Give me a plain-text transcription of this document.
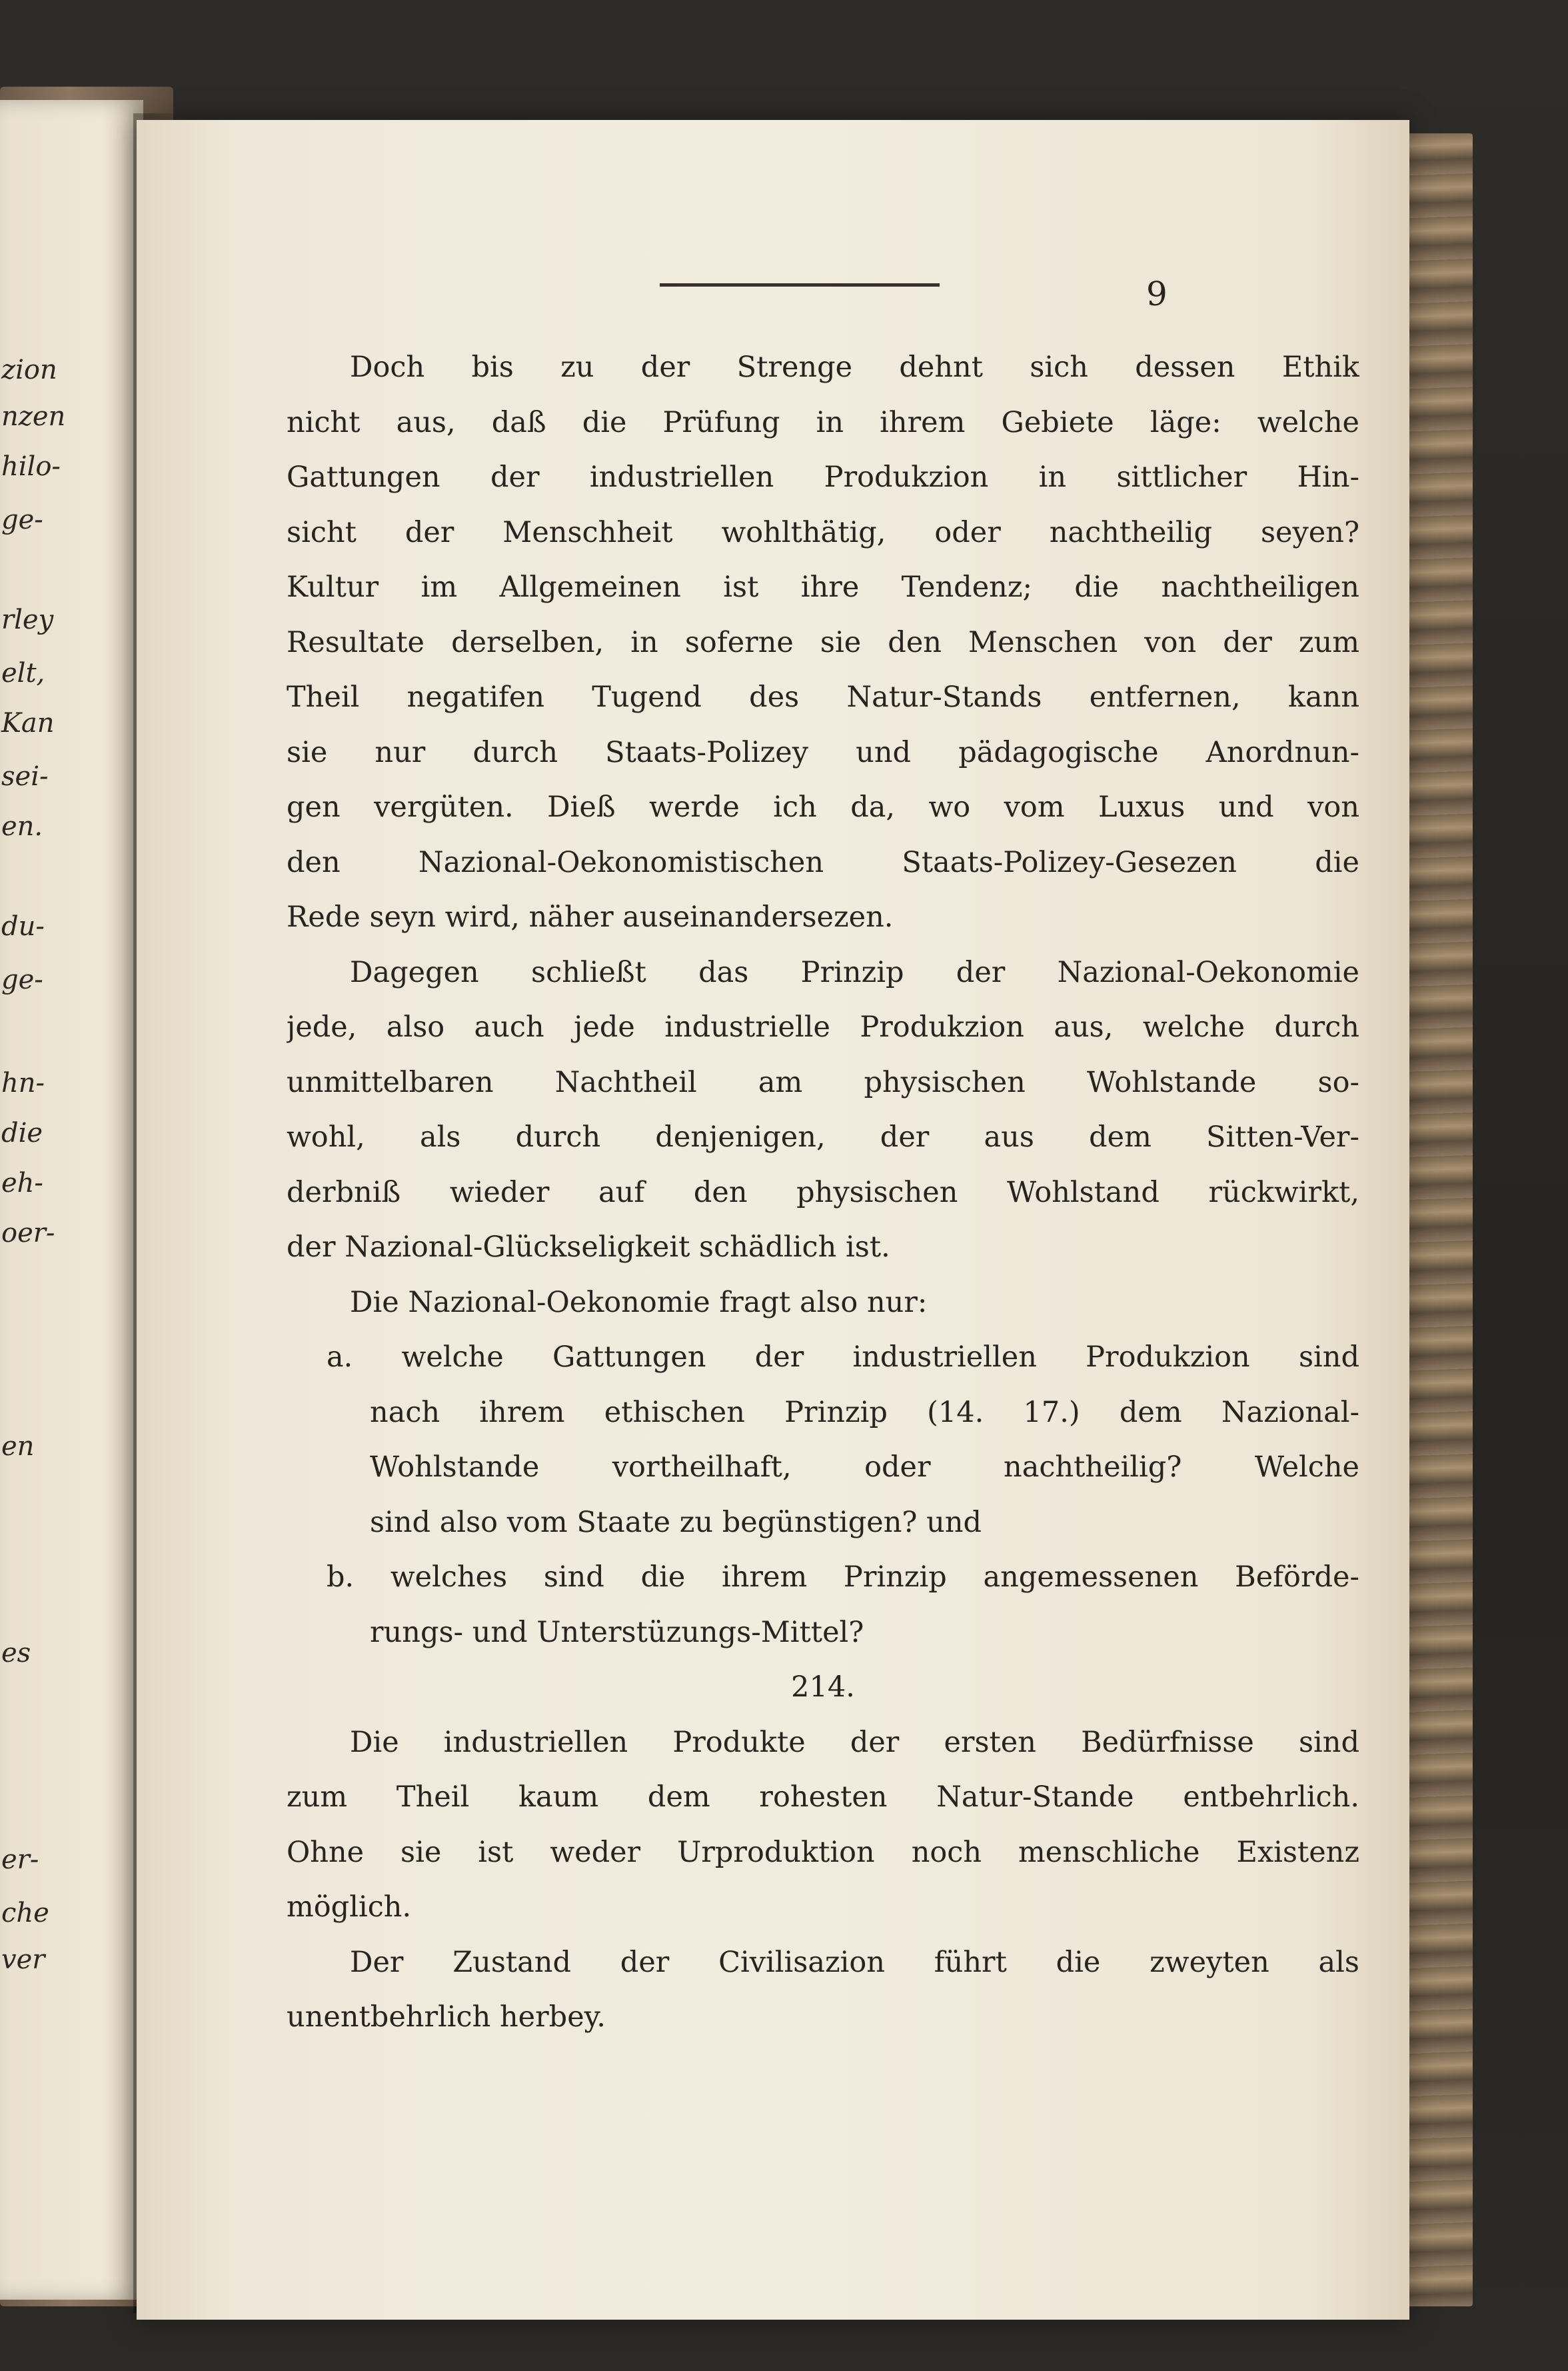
zion
nzen
hilo-
ge-
rley
elt,
Kan
sei-
en.
du-
ge-
hn-
die
eh-
oer-
en
es
er-
che
ver
9
Doch bis zu der Strenge dehnt sich dessen Ethik
nicht aus, daß die Prüfung in ihrem Gebiete läge: welche
Gattungen der industriellen Produkzion in sittlicher Hin-
sicht der Menschheit wohlthätig, oder nachtheilig seyen?
Kultur im Allgemeinen ist ihre Tendenz; die nachtheiligen
Resultate derselben, in soferne sie den Menschen von der zum
Theil negatifen Tugend des Natur-Stands entfernen, kann
sie nur durch Staats-Polizey und pädagogische Anordnun-
gen vergüten. Dieß werde ich da, wo vom Luxus und von
den Nazional-Oekonomistischen Staats-Polizey-Gesezen die
Rede seyn wird, näher auseinandersezen.
Dagegen schließt das Prinzip der Nazional-Oekonomie
jede, also auch jede industrielle Produkzion aus, welche durch
unmittelbaren Nachtheil am physischen Wohlstande so-
wohl, als durch denjenigen, der aus dem Sitten-Ver-
derbniß wieder auf den physischen Wohlstand rückwirkt,
der Nazional-Glückseligkeit schädlich ist.
Die Nazional-Oekonomie fragt also nur:
a. welche Gattungen der industriellen Produkzion sind
nach ihrem ethischen Prinzip (14. 17.) dem Nazional-
Wohlstande vortheilhaft, oder nachtheilig? Welche
sind also vom Staate zu begünstigen? und
b. welches sind die ihrem Prinzip angemessenen Beförde-
rungs- und Unterstüzungs-Mittel?
214.
Die industriellen Produkte der ersten Bedürfnisse sind
zum Theil kaum dem rohesten Natur-Stande entbehrlich.
Ohne sie ist weder Urproduktion noch menschliche Existenz
möglich.
Der Zustand der Civilisazion führt die zweyten als
unentbehrlich herbey.
